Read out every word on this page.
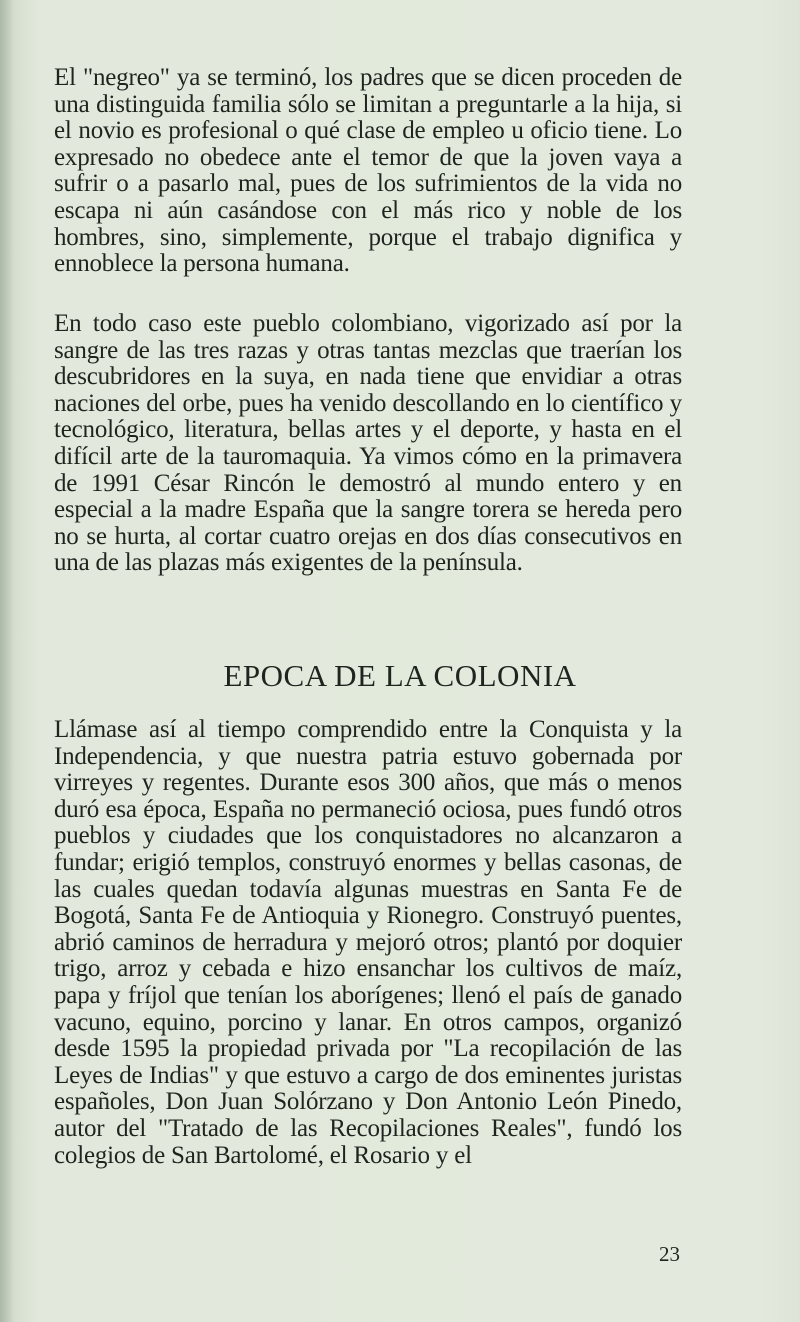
El "negreo" ya se terminó, los padres que se dicen proceden de una distinguida familia sólo se limitan a preguntarle a la hija, si el novio es profesional o qué clase de empleo u oficio tiene. Lo expresado no obedece ante el temor de que la joven vaya a sufrir o a pasarlo mal, pues de los sufrimientos de la vida no escapa ni aún casándose con el más rico y noble de los hombres, sino, simplemente, porque el trabajo dignifica y ennoblece la persona humana.

En todo caso este pueblo colombiano, vigorizado así por la sangre de las tres razas y otras tantas mezclas que traerían los descubridores en la suya, en nada tiene que envidiar a otras naciones del orbe, pues ha venido descollando en lo científico y tecnológico, literatura, bellas artes y el deporte, y hasta en el difícil arte de la tauromaquia. Ya vimos cómo en la primavera de 1991 César Rincón le demostró al mundo entero y en especial a la madre España que la sangre torera se hereda pero no se hurta, al cortar cuatro orejas en dos días consecutivos en una de las plazas más exigentes de la península.

EPOCA DE LA COLONIA

Llámase así al tiempo comprendido entre la Conquista y la Independencia, y que nuestra patria estuvo gobernada por virreyes y regentes. Durante esos 300 años, que más o menos duró esa época, España no permaneció ociosa, pues fundó otros pueblos y ciudades que los conquistadores no alcanzaron a fundar; erigió templos, construyó enormes y bellas casonas, de las cuales quedan todavía algunas muestras en Santa Fe de Bogotá, Santa Fe de Antioquia y Rionegro. Construyó puentes, abrió caminos de herradura y mejoró otros; plantó por doquier trigo, arroz y cebada e hizo ensanchar los cultivos de maíz, papa y fríjol que tenían los aborígenes; llenó el país de ganado vacuno, equino, porcino y lanar. En otros campos, organizó desde 1595 la propiedad privada por "La recopilación de las Leyes de Indias" y que estuvo a cargo de dos eminentes juristas españoles, Don Juan Solórzano y Don Antonio León Pinedo, autor del "Tratado de las Recopilaciones Reales", fundó los colegios de San Bartolomé, el Rosario y el

23
